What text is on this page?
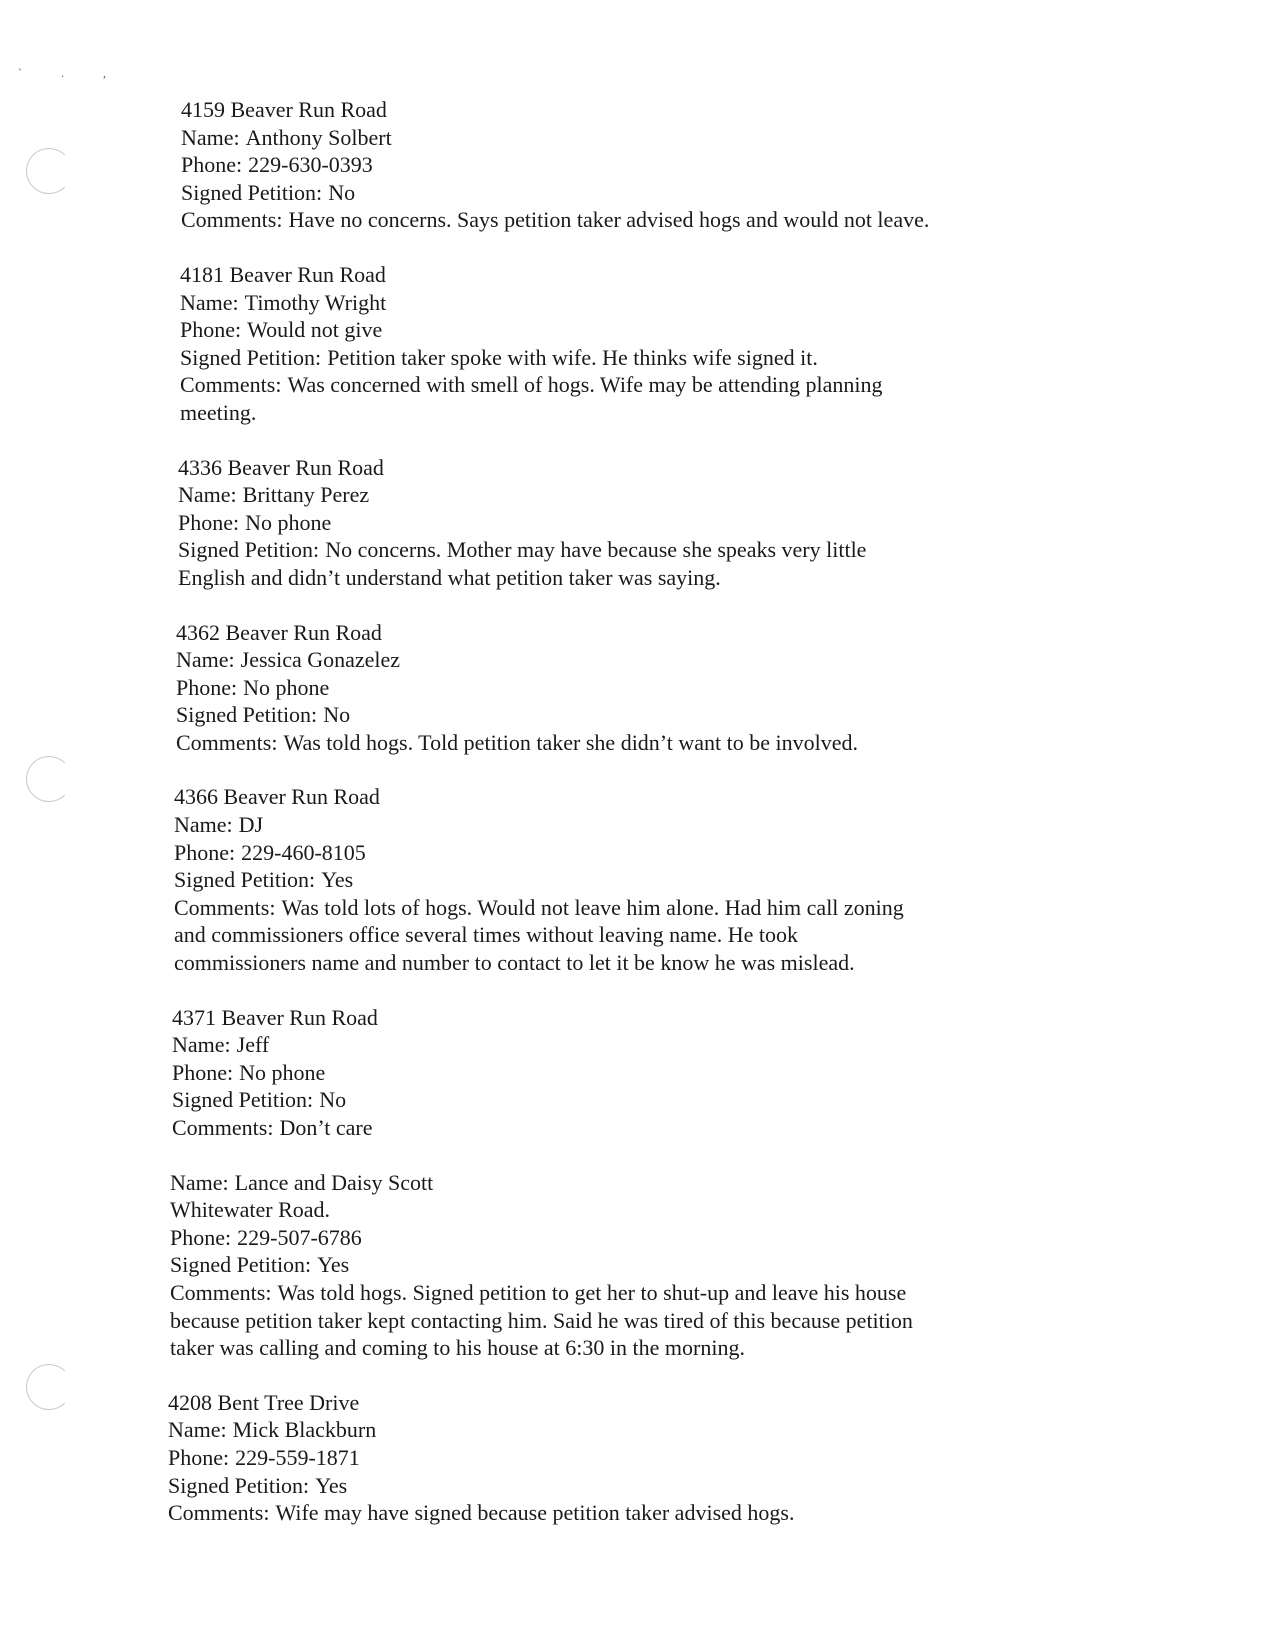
` . ,
4159 Beaver Run Road
Name: Anthony Solbert
Phone: 229-630-0393
Signed Petition: No
Comments: Have no concerns. Says petition taker advised hogs and would not leave.
4181 Beaver Run Road
Name: Timothy Wright
Phone: Would not give
Signed Petition: Petition taker spoke with wife. He thinks wife signed it.
Comments: Was concerned with smell of hogs. Wife may be attending planning
meeting.
4336 Beaver Run Road
Name: Brittany Perez
Phone: No phone
Signed Petition: No concerns. Mother may have because she speaks very little
English and didn’t understand what petition taker was saying.
4362 Beaver Run Road
Name: Jessica Gonazelez
Phone: No phone
Signed Petition: No
Comments: Was told hogs. Told petition taker she didn’t want to be involved.
4366 Beaver Run Road
Name: DJ
Phone: 229-460-8105
Signed Petition: Yes
Comments: Was told lots of hogs. Would not leave him alone. Had him call zoning
and commissioners office several times without leaving name. He took
commissioners name and number to contact to let it be know he was mislead.
4371 Beaver Run Road
Name: Jeff
Phone: No phone
Signed Petition: No
Comments: Don’t care
Name: Lance and Daisy Scott
Whitewater Road.
Phone: 229-507-6786
Signed Petition: Yes
Comments: Was told hogs. Signed petition to get her to shut-up and leave his house
because petition taker kept contacting him. Said he was tired of this because petition
taker was calling and coming to his house at 6:30 in the morning.
4208 Bent Tree Drive
Name: Mick Blackburn
Phone: 229-559-1871
Signed Petition: Yes
Comments: Wife may have signed because petition taker advised hogs.
